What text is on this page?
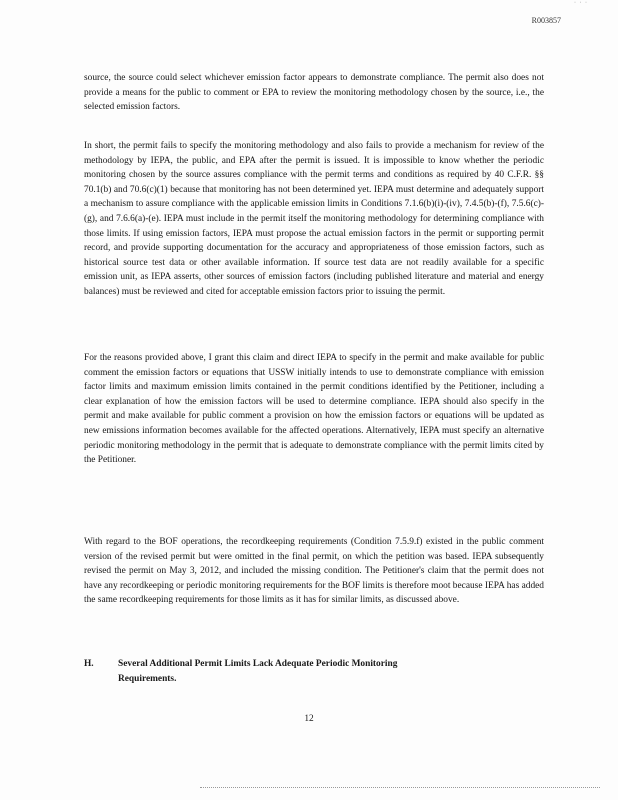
· · ·
R003857

source, the source could select whichever emission factor appears to demonstrate compliance. The permit also does not provide a means for the public to comment or EPA to review the monitoring methodology chosen by the source, i.e., the selected emission factors.

In short, the permit fails to specify the monitoring methodology and also fails to provide a mechanism for review of the methodology by IEPA, the public, and EPA after the permit is issued. It is impossible to know whether the periodic monitoring chosen by the source assures compliance with the permit terms and conditions as required by 40 C.F.R. §§ 70.1(b) and 70.6(c)(1) because that monitoring has not been determined yet. IEPA must determine and adequately support a mechanism to assure compliance with the applicable emission limits in Conditions 7.1.6(b)(i)-(iv), 7.4.5(b)-(f), 7.5.6(c)-(g), and 7.6.6(a)-(e). IEPA must include in the permit itself the monitoring methodology for determining compliance with those limits. If using emission factors, IEPA must propose the actual emission factors in the permit or supporting permit record, and provide supporting documentation for the accuracy and appropriateness of those emission factors, such as historical source test data or other available information. If source test data are not readily available for a specific emission unit, as IEPA asserts, other sources of emission factors (including published literature and material and energy balances) must be reviewed and cited for acceptable emission factors prior to issuing the permit.

For the reasons provided above, I grant this claim and direct IEPA to specify in the permit and make available for public comment the emission factors or equations that USSW initially intends to use to demonstrate compliance with emission factor limits and maximum emission limits contained in the permit conditions identified by the Petitioner, including a clear explanation of how the emission factors will be used to determine compliance. IEPA should also specify in the permit and make available for public comment a provision on how the emission factors or equations will be updated as new emissions information becomes available for the affected operations. Alternatively, IEPA must specify an alternative periodic monitoring methodology in the permit that is adequate to demonstrate compliance with the permit limits cited by the Petitioner.

With regard to the BOF operations, the recordkeeping requirements (Condition 7.5.9.f) existed in the public comment version of the revised permit but were omitted in the final permit, on which the petition was based. IEPA subsequently revised the permit on May 3, 2012, and included the missing condition. The Petitioner's claim that the permit does not have any recordkeeping or periodic monitoring requirements for the BOF limits is therefore moot because IEPA has added the same recordkeeping requirements for those limits as it has for similar limits, as discussed above.

H.	Several Additional Permit Limits Lack Adequate Periodic Monitoring Requirements.
12
